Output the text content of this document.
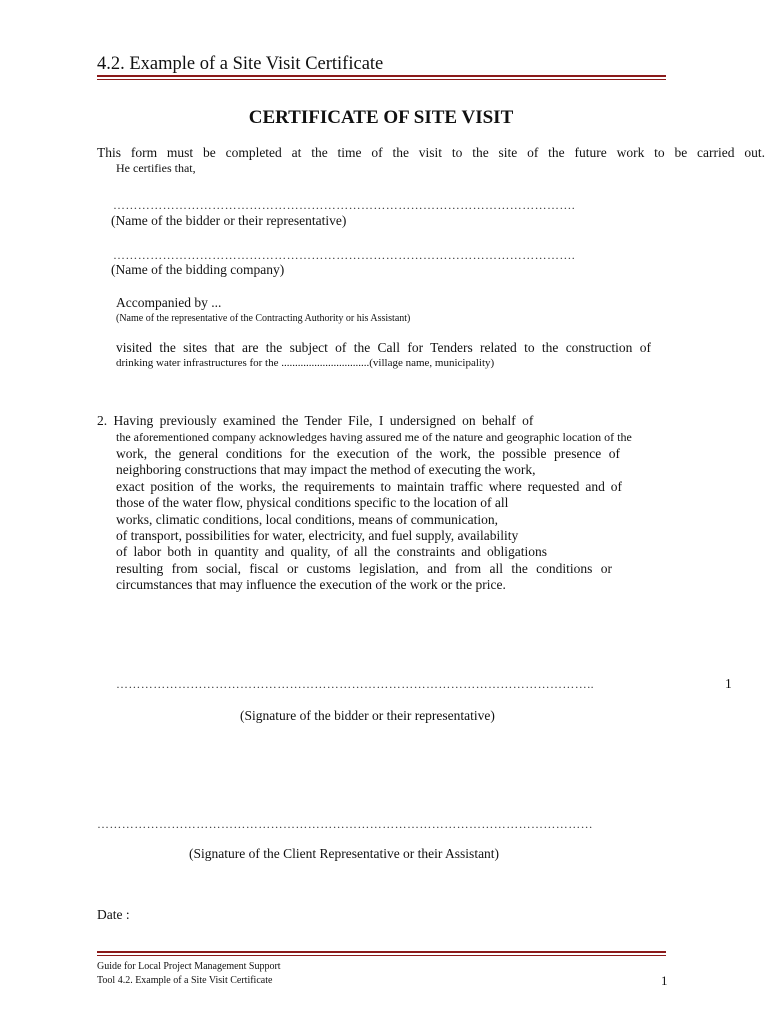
4.2. Example of a Site Visit Certificate
CERTIFICATE OF SITE VISIT
This form must be completed at the time of the visit to the site of the future work to be carried out.
He certifies that,
………………………………………………………………………………………………….
(Name of the bidder or their representative)
………………………………………………………………………………………………….
(Name of the bidding company)
Accompanied by ...
(Name of the representative of the Contracting Authority or his Assistant)
visited the sites that are the subject of the Call for Tenders related to the construction of
drinking water infrastructures for the ................................(village name, municipality)
2. Having previously examined the Tender File, I undersigned on behalf of
the aforementioned company acknowledges having assured me of the nature and geographic location of the
work, the general conditions for the execution of the work, the possible presence of
neighboring constructions that may impact the method of executing the work,
exact position of the works, the requirements to maintain traffic where requested and of
those of the water flow, physical conditions specific to the location of all
works, climatic conditions, local conditions, means of communication,
of transport, possibilities for water, electricity, and fuel supply, availability
of labor both in quantity and quality, of all the constraints and obligations
resulting from social, fiscal or customs legislation, and from all the conditions or
circumstances that may influence the execution of the work or the price.
……………………………………………………………………………………………………..	1
(Signature of the bidder or their representative)
…………………………………………………………………………………………………………
(Signature of the Client Representative or their Assistant)
Date :
Guide for Local Project Management Support
Tool 4.2. Example of a Site Visit Certificate	1
